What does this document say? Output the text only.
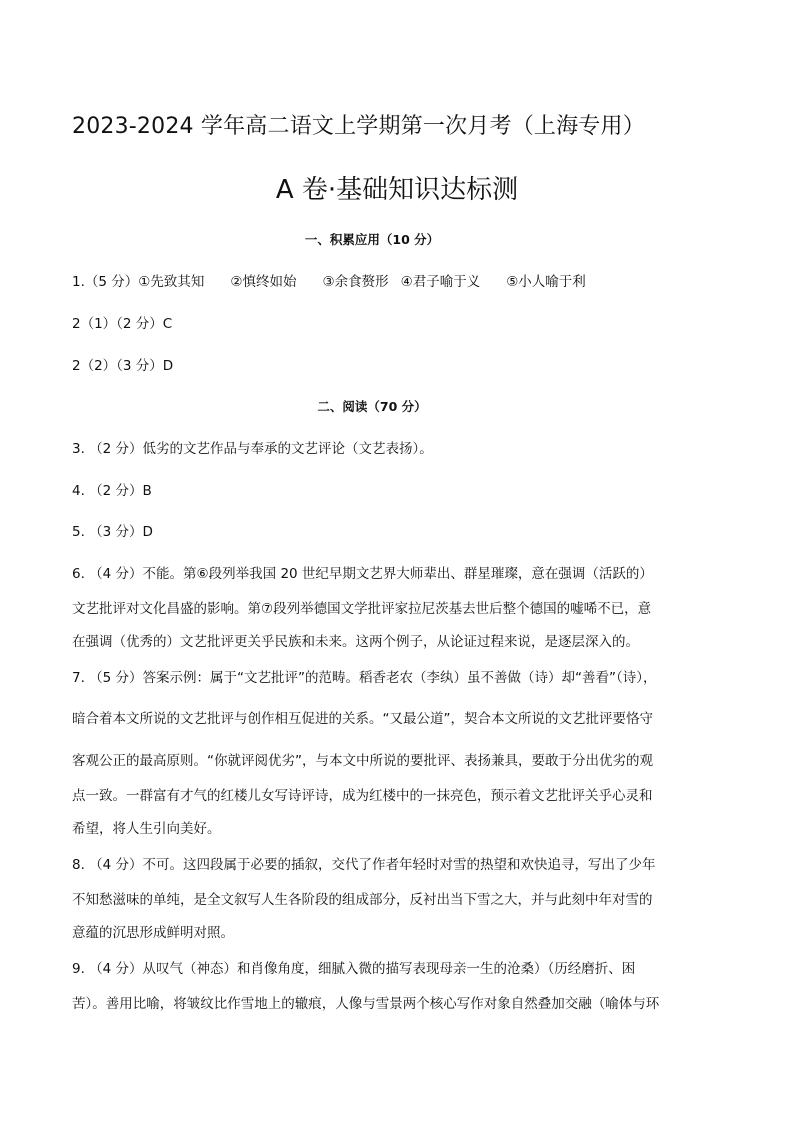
2023-2024 学年高二语文上学期第一次月考（上海专用）
A 卷·基础知识达标测
一、积累应用（10 分）
1.（5 分）①先致其知 ②慎终如始 ③余食赘形 ④君子喻于义 ⑤小人喻于利
2（1）（2 分）C
2（2）（3 分）D
二、阅读（70 分）
3. （2 分）低劣的文艺作品与奉承的文艺评论（文艺表扬）。
4. （2 分）B
5. （3 分）D
6. （4 分）不能。第⑥段列举我国 20 世纪早期文艺界大师辈出、群星璀璨，意在强调（活跃的）
文艺批评对文化昌盛的影响。第⑦段列举德国文学批评家拉尼茨基去世后整个德国的嘘唏不已，意
在强调（优秀的）文艺批评更关乎民族和未来。这两个例子，从论证过程来说，是逐层深入的。
7. （5 分）答案示例：属于“文艺批评”的范畴。稻香老农（李纨）虽不善做（诗）却“善看”（诗），
暗合着本文所说的文艺批评与创作相互促进的关系。“又最公道”，契合本文所说的文艺批评要恪守
客观公正的最高原则。“你就评阅优劣”，与本文中所说的要批评、表扬兼具，要敢于分出优劣的观
点一致。一群富有才气的红楼儿女写诗评诗，成为红楼中的一抹亮色，预示着文艺批评关乎心灵和
希望，将人生引向美好。
8. （4 分）不可。这四段属于必要的插叙，交代了作者年轻时对雪的热望和欢快追寻，写出了少年
不知愁滋味的单纯，是全文叙写人生各阶段的组成部分，反衬出当下雪之大，并与此刻中年对雪的
意蕴的沉思形成鲜明对照。
9. （4 分）从叹气（神态）和肖像角度，细腻入微的描写表现母亲一生的沧桑）（历经磨折、困
苦）。善用比喻，将皱纹比作雪地上的辙痕，人像与雪景两个核心写作对象自然叠加交融（喻体与环
